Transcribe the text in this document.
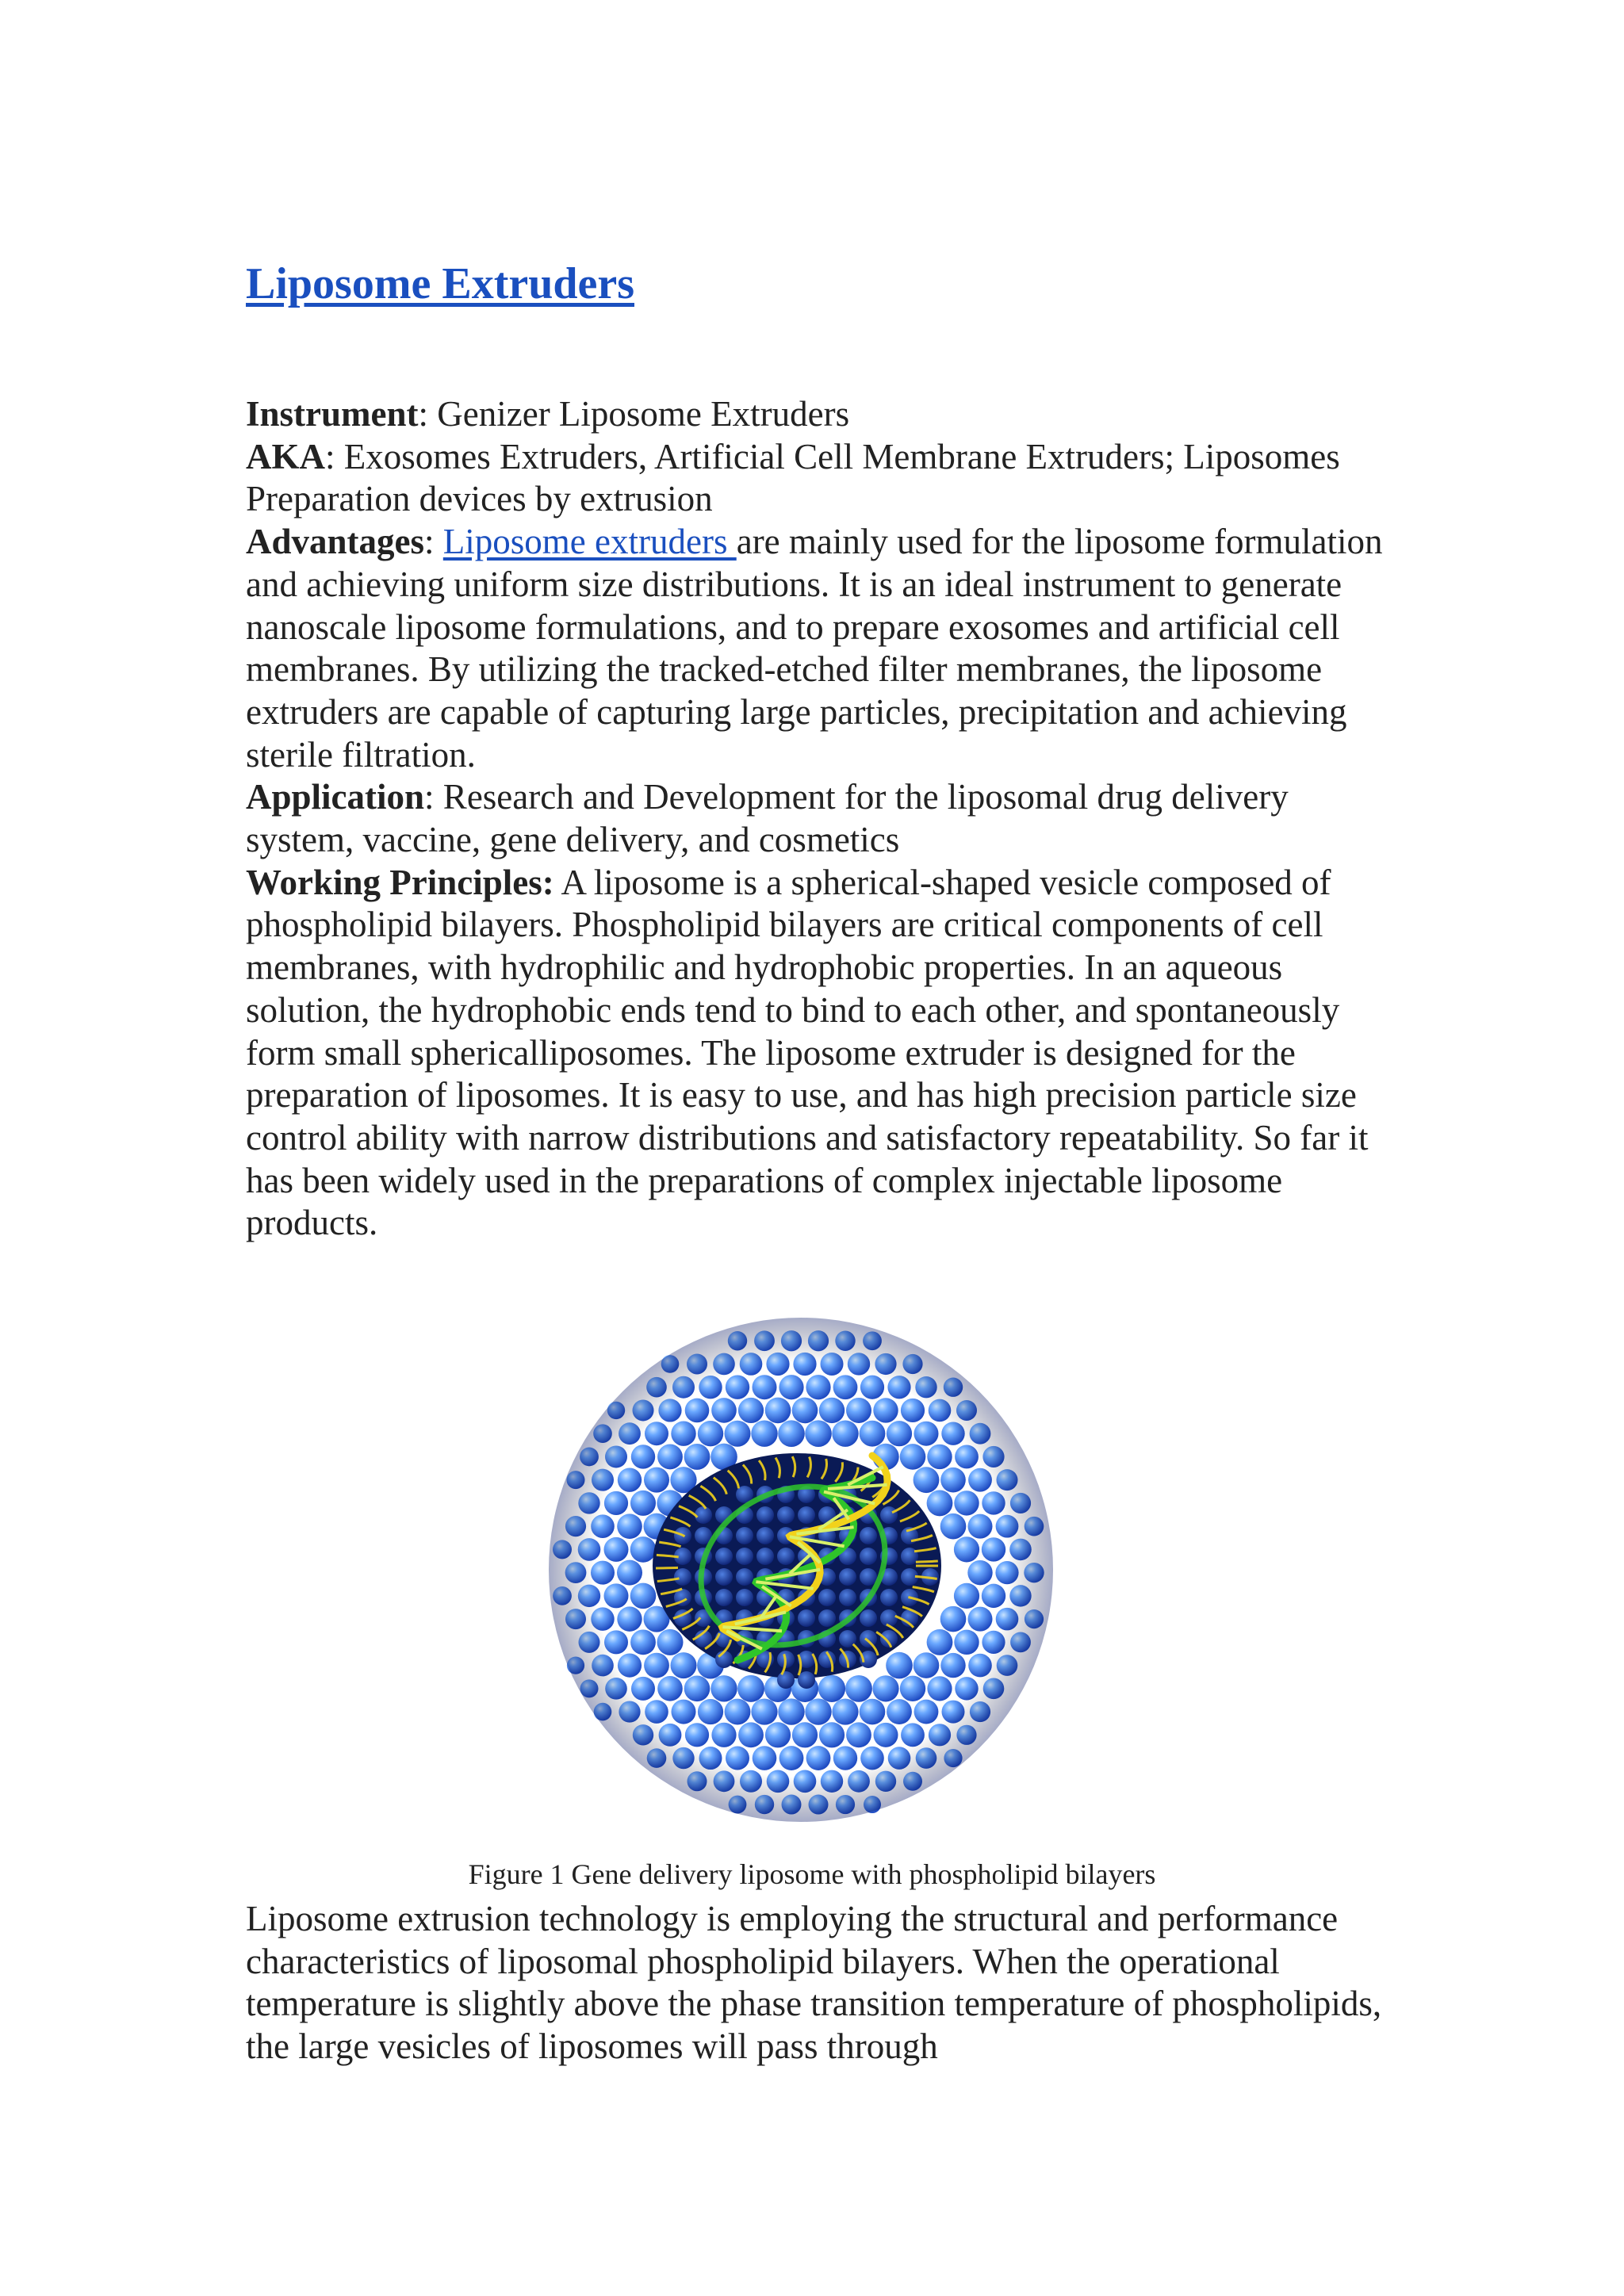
Liposome Extruders

Instrument: Genizer Liposome Extruders

AKA: Exosomes Extruders, Artificial Cell Membrane Extruders; Liposomes Preparation devices by extrusion

Advantages: Liposome extruders are mainly used for the liposome formulation and achieving uniform size distributions. It is an ideal instrument to generate nanoscale liposome formulations, and to prepare exosomes and artificial cell membranes. By utilizing the tracked-etched filter membranes, the liposome extruders are capable of capturing large particles, precipitation and achieving sterile filtration.

Application: Research and Development for the liposomal drug delivery system, vaccine, gene delivery, and cosmetics

Working Principles: A liposome is a spherical-shaped vesicle composed of phospholipid bilayers. Phospholipid bilayers are critical components of cell membranes, with hydrophilic and hydrophobic properties. In an aqueous solution, the hydrophobic ends tend to bind to each other, and spontaneously form small sphericalliposomes. The liposome extruder is designed for the preparation of liposomes. It is easy to use, and has high precision particle size control ability with narrow distributions and satisfactory repeatability. So far it has been widely used in the preparations of complex injectable liposome products.

Figure 1 Gene delivery liposome with phospholipid bilayers

Liposome extrusion technology is employing the structural and performance characteristics of liposomal phospholipid bilayers. When the operational temperature is slightly above the phase transition temperature of phospholipids, the large vesicles of liposomes will pass through
